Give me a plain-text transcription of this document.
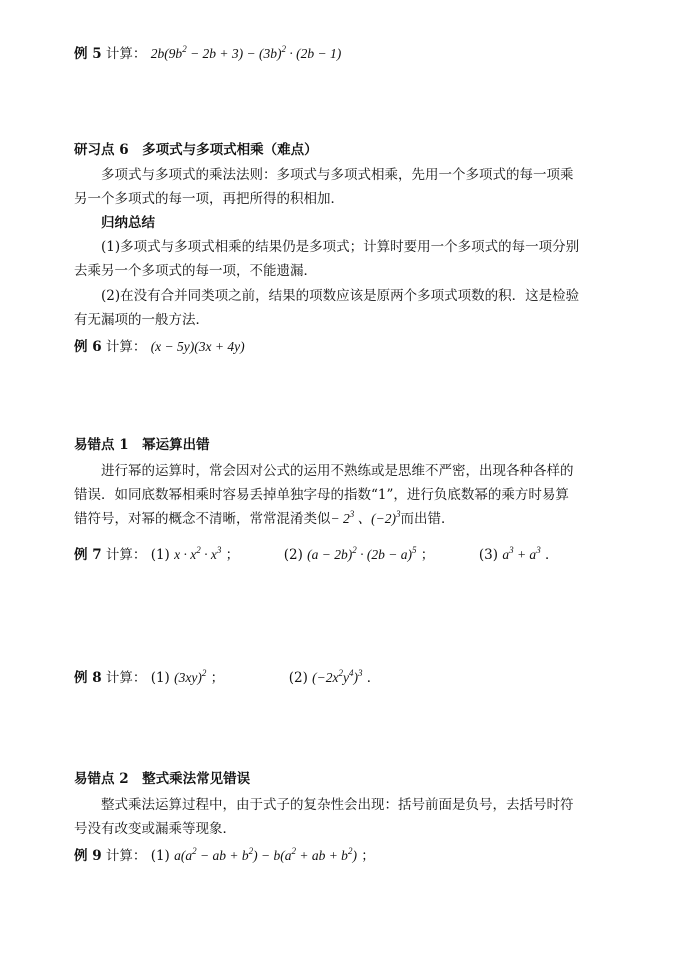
例 5 计算： $2b(9b^2 - 2b + 3) - (3b)^2 \cdot (2b - 1)$
研习点 6　多项式与多项式相乘（难点）
多项式与多项式的乘法法则：多项式与多项式相乘，先用一个多项式的每一项乘
另一个多项式的每一项，再把所得的积相加．
归纳总结
(1)多项式与多项式相乘的结果仍是多项式；计算时要用一个多项式的每一项分别
去乘另一个多项式的每一项，不能遗漏．
(2)在没有合并同类项之前，结果的项数应该是原两个多项式项数的积．这是检验
有无漏项的一般方法．
例 6 计算： (x − 5y)(3x + 4y)
易错点 1　幂运算出错
进行幂的运算时，常会因对公式的运用不熟练或是思维不严密，出现各种各样的
错误．如同底数幂相乘时容易丢掉单独字母的指数“1”，进行负底数幂的乘方时易算
错符号，对幂的概念不清晰，常常混淆类似− $2^3$ 、$(-2)^3$而出错．
例 7 计算： (1) $x \cdot x^2 \cdot x^3$ ；	(2) $(a - 2b)^2 \cdot (2b - a)^5$ ；	(3) $a^3 + a^3$ ．
例 8 计算： (1) $(3xy)^2$ ；	(2) $(-2x^2y^4)^3$ ．
易错点 2　整式乘法常见错误
整式乘法运算过程中，由于式子的复杂性会出现：括号前面是负号，去括号时符
号没有改变或漏乘等现象．
例 9 计算： (1) $a(a^2$ − ab + $b^2) - b(a^2$ + ab + $b^2$) ；
